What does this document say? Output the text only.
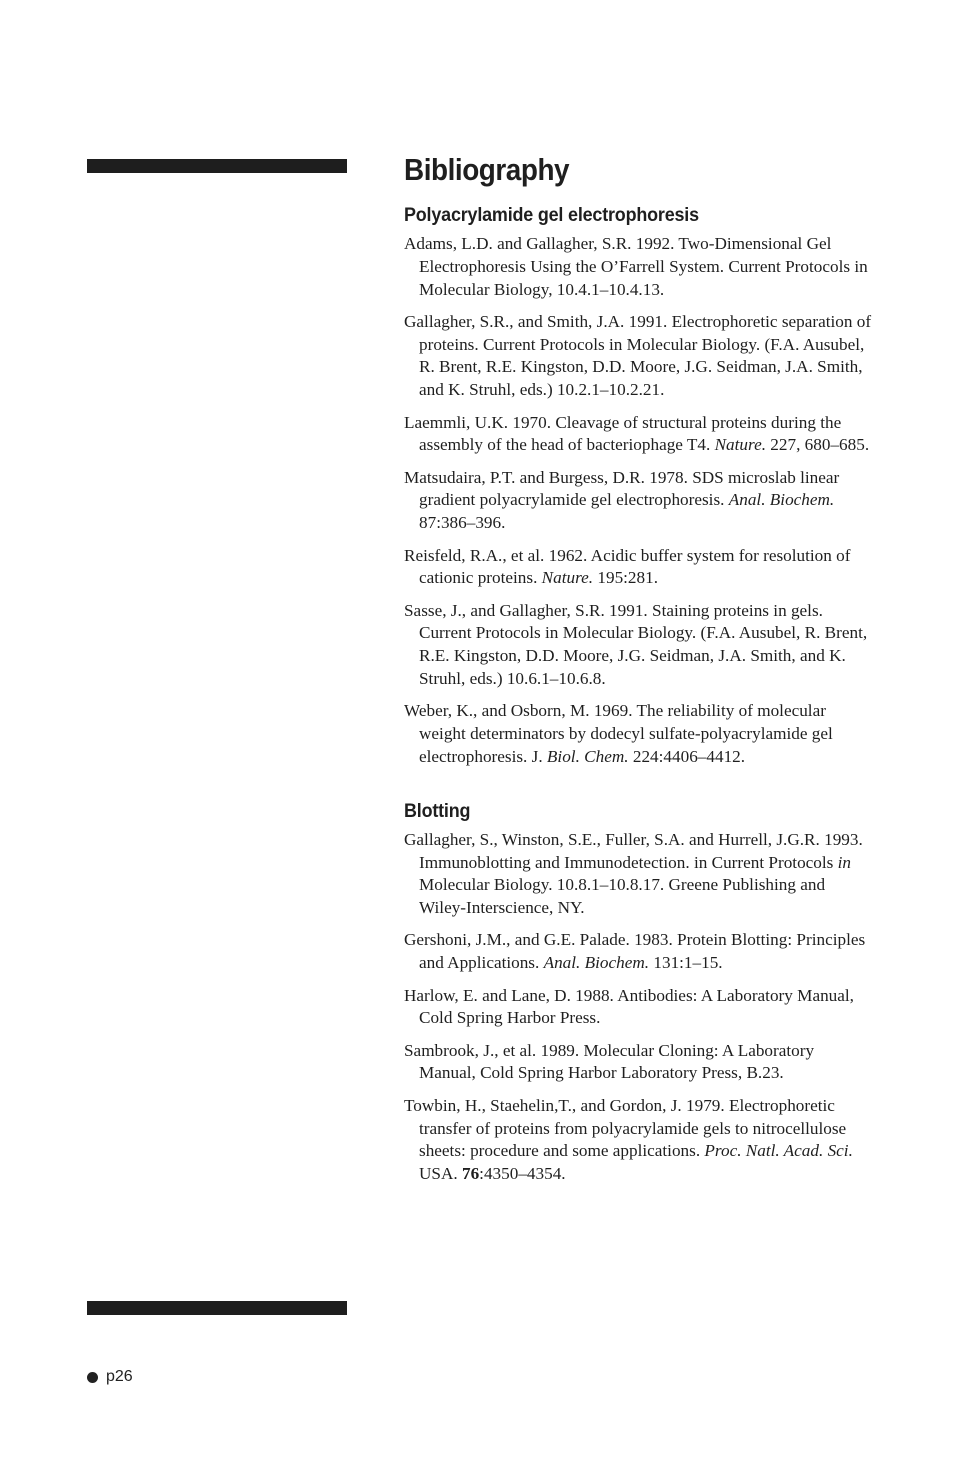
Bibliography
Polyacrylamide gel electrophoresis

Adams, L.D. and Gallagher, S.R. 1992. Two-Dimensional Gel Electrophoresis Using the O’Farrell System. Current Protocols in Molecular Biology, 10.4.1–10.4.13.

Gallagher, S.R., and Smith, J.A. 1991. Electrophoretic separation of proteins. Current Protocols in Molecular Biology. (F.A. Ausubel, R. Brent, R.E. Kingston, D.D. Moore, J.G. Seidman, J.A. Smith, and K. Struhl, eds.) 10.2.1–10.2.21.

Laemmli, U.K. 1970. Cleavage of structural proteins during the assembly of the head of bacteriophage T4. Nature. 227, 680–685.

Matsudaira, P.T. and Burgess, D.R. 1978. SDS microslab linear gradient polyacrylamide gel electrophoresis. Anal. Biochem. 87:386–396.

Reisfeld, R.A., et al. 1962. Acidic buffer system for resolution of cationic proteins. Nature. 195:281.

Sasse, J., and Gallagher, S.R. 1991. Staining proteins in gels. Current Protocols in Molecular Biology. (F.A. Ausubel, R. Brent, R.E. Kingston, D.D. Moore, J.G. Seidman, J.A. Smith, and K. Struhl, eds.) 10.6.1–10.6.8.

Weber, K., and Osborn, M. 1969. The reliability of molecular weight determinators by dodecyl sulfate-polyacrylamide gel electrophoresis. J. Biol. Chem. 224:4406–4412.

Blotting

Gallagher, S., Winston, S.E., Fuller, S.A. and Hurrell, J.G.R. 1993. Immunoblotting and Immunodetection. in Current Protocols in Molecular Biology. 10.8.1–10.8.17. Greene Publishing and Wiley-Interscience, NY.

Gershoni, J.M., and G.E. Palade. 1983. Protein Blotting: Principles and Applications. Anal. Biochem. 131:1–15.

Harlow, E. and Lane, D. 1988. Antibodies: A Laboratory Manual, Cold Spring Harbor Press.

Sambrook, J., et al. 1989. Molecular Cloning: A Laboratory Manual, Cold Spring Harbor Laboratory Press, B.23.

Towbin, H., Staehelin,T., and Gordon, J. 1979. Electrophoretic transfer of proteins from polyacrylamide gels to nitrocellulose sheets: procedure and some applications. Proc. Natl. Acad. Sci. USA. 76:4350–4354.

p26
